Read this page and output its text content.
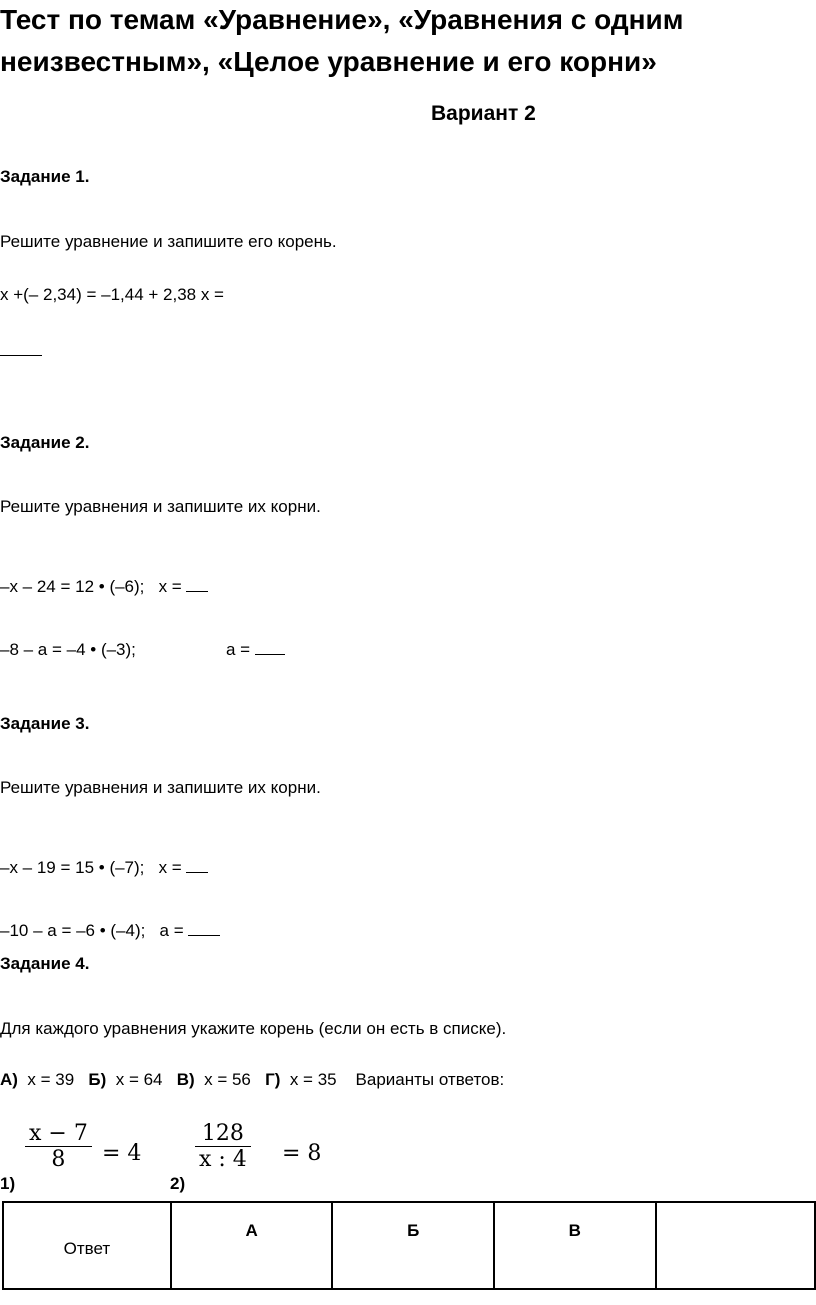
Тест по темам «Уравнение», «Уравнения с одним
неизвестным», «Целое уравнение и его корни»
Вариант 2
Задание 1.
Решите уравнение и запишите его корень.
x +(– 2,34) = –1,44 + 2,38 x =
Задание 2.
Решите уравнения и запишите их корни.
–x – 24 = 12 • (–6); x =
–8 – a = –4 • (–3);	a =
Задание 3.
Решите уравнения и запишите их корни.
–x – 19 = 15 • (–7); x =
–10 – a = –6 • (–4); a =
Задание 4.
Для каждого уравнения укажите корень (если он есть в списке).
А) x = 39 Б) x = 64 В) x = 56 Г) x = 35 Варианты ответов:
1)
x − 7
8	= 4
2)
128
x : 4 = 8
Ответ	А	Б	В	
